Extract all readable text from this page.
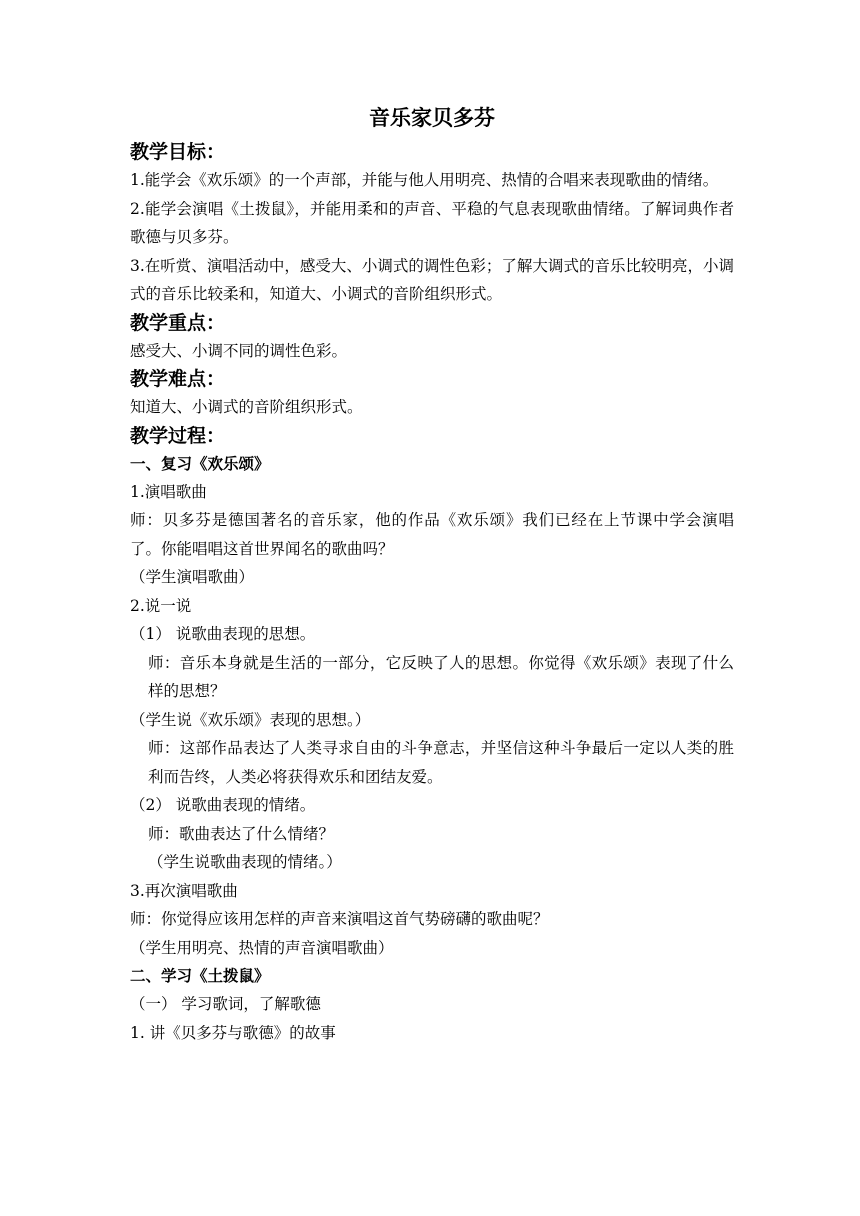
音乐家贝多芬

教学目标：

1.能学会《欢乐颂》的一个声部，并能与他人用明亮、热情的合唱来表现歌曲的情绪。

2.能学会演唱《土拨鼠》，并能用柔和的声音、平稳的气息表现歌曲情绪。了解词典作者歌德与贝多芬。

3.在听赏、演唱活动中，感受大、小调式的调性色彩；了解大调式的音乐比较明亮，小调式的音乐比较柔和，知道大、小调式的音阶组织形式。

教学重点：

感受大、小调不同的调性色彩。

教学难点：

知道大、小调式的音阶组织形式。

教学过程：

一、复习《欢乐颂》

1.演唱歌曲

师：贝多芬是德国著名的音乐家，他的作品《欢乐颂》我们已经在上节课中学会演唱了。你能唱唱这首世界闻名的歌曲吗？

（学生演唱歌曲）

2.说一说

（1） 说歌曲表现的思想。

师：音乐本身就是生活的一部分，它反映了人的思想。你觉得《欢乐颂》表现了什么样的思想？

（学生说《欢乐颂》表现的思想。）

师：这部作品表达了人类寻求自由的斗争意志，并坚信这种斗争最后一定以人类的胜利而告终，人类必将获得欢乐和团结友爱。

（2） 说歌曲表现的情绪。

师：歌曲表达了什么情绪？

（学生说歌曲表现的情绪。）

3.再次演唱歌曲

师：你觉得应该用怎样的声音来演唱这首气势磅礴的歌曲呢？

（学生用明亮、热情的声音演唱歌曲）

二、学习《土拨鼠》

（一） 学习歌词，了解歌德

1. 讲《贝多芬与歌德》的故事
